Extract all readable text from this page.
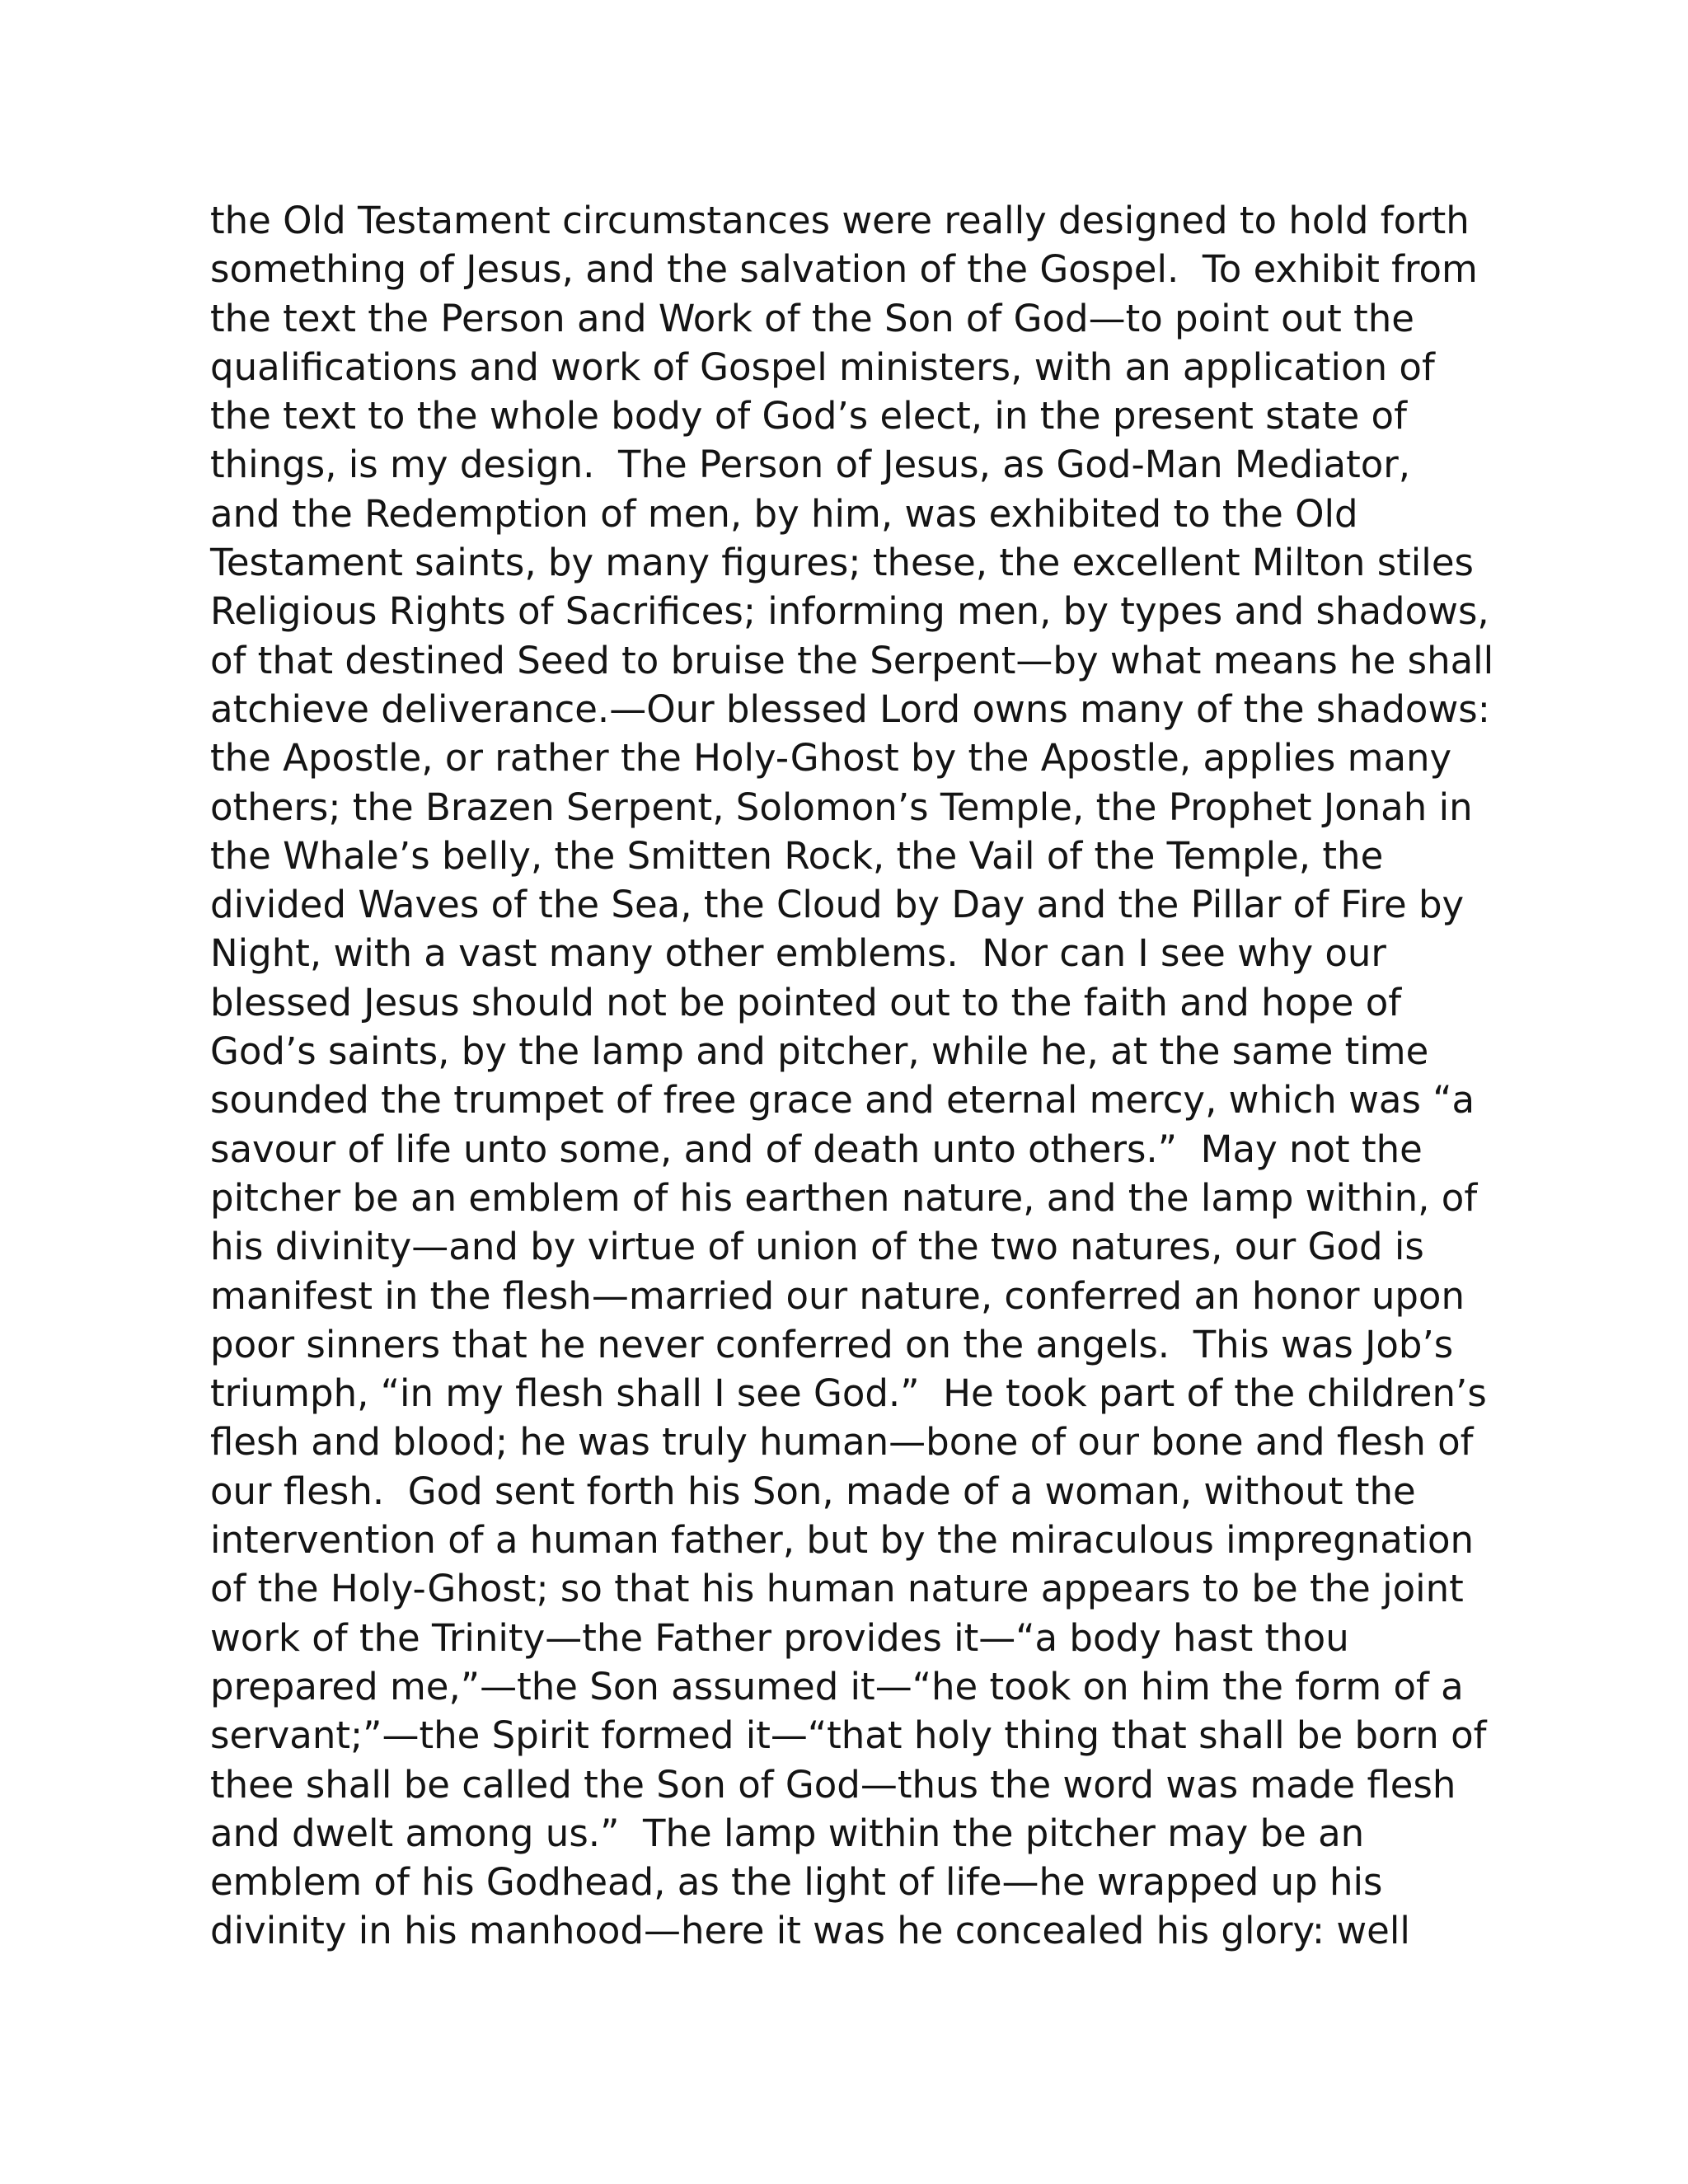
the Old Testament circumstances were really designed to hold forth
something of Jesus, and the salvation of the Gospel.  To exhibit from
the text the Person and Work of the Son of God—to point out the
qualifications and work of Gospel ministers, with an application of
the text to the whole body of God’s elect, in the present state of
things, is my design.  The Person of Jesus, as God-Man Mediator,
and the Redemption of men, by him, was exhibited to the Old
Testament saints, by many figures; these, the excellent Milton stiles
Religious Rights of Sacrifices; informing men, by types and shadows,
of that destined Seed to bruise the Serpent—by what means he shall
atchieve deliverance.—Our blessed Lord owns many of the shadows:
the Apostle, or rather the Holy-Ghost by the Apostle, applies many
others; the Brazen Serpent, Solomon’s Temple, the Prophet Jonah in
the Whale’s belly, the Smitten Rock, the Vail of the Temple, the
divided Waves of the Sea, the Cloud by Day and the Pillar of Fire by
Night, with a vast many other emblems.  Nor can I see why our
blessed Jesus should not be pointed out to the faith and hope of
God’s saints, by the lamp and pitcher, while he, at the same time
sounded the trumpet of free grace and eternal mercy, which was “a
savour of life unto some, and of death unto others.”  May not the
pitcher be an emblem of his earthen nature, and the lamp within, of
his divinity—and by virtue of union of the two natures, our God is
manifest in the flesh—married our nature, conferred an honor upon
poor sinners that he never conferred on the angels.  This was Job’s
triumph, “in my flesh shall I see God.”  He took part of the children’s
flesh and blood; he was truly human—bone of our bone and flesh of
our flesh.  God sent forth his Son, made of a woman, without the
intervention of a human father, but by the miraculous impregnation
of the Holy-Ghost; so that his human nature appears to be the joint
work of the Trinity—the Father provides it—“a body hast thou
prepared me,”—the Son assumed it—“he took on him the form of a
servant;”—the Spirit formed it—“that holy thing that shall be born of
thee shall be called the Son of God—thus the word was made flesh
and dwelt among us.”  The lamp within the pitcher may be an
emblem of his Godhead, as the light of life—he wrapped up his
divinity in his manhood—here it was he concealed his glory: well
